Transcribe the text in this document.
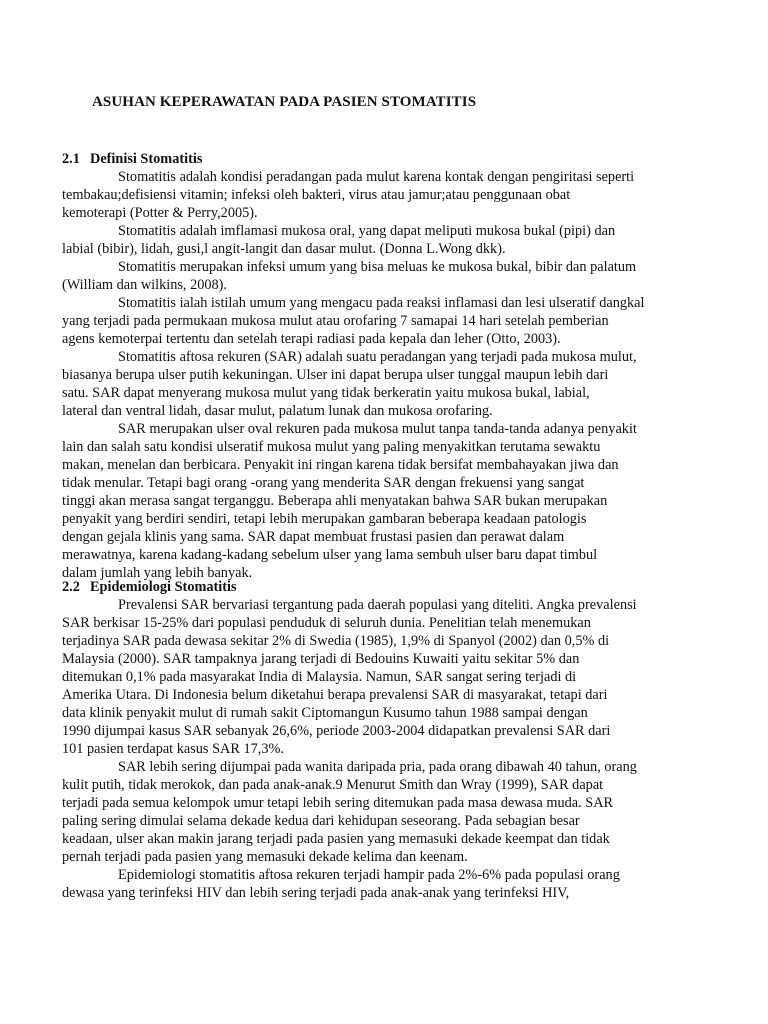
ASUHAN KEPERAWATAN PADA PASIEN STOMATITIS
2.1 Definisi Stomatitis
Stomatitis adalah kondisi peradangan pada mulut karena kontak dengan pengiritasi seperti
tembakau;defisiensi vitamin; infeksi oleh bakteri, virus atau jamur;atau penggunaan obat
kemoterapi (Potter & Perry,2005).
Stomatitis adalah imflamasi mukosa oral, yang dapat meliputi mukosa bukal (pipi) dan
labial (bibir), lidah, gusi,l angit-langit dan dasar mulut. (Donna L.Wong dkk).
Stomatitis merupakan infeksi umum yang bisa meluas ke mukosa bukal, bibir dan palatum
(William dan wilkins, 2008).
Stomatitis ialah istilah umum yang mengacu pada reaksi inflamasi dan lesi ulseratif dangkal
yang terjadi pada permukaan mukosa mulut atau orofaring 7 samapai 14 hari setelah pemberian
agens kemoterpai tertentu dan setelah terapi radiasi pada kepala dan leher (Otto, 2003).
Stomatitis aftosa rekuren (SAR) adalah suatu peradangan yang terjadi pada mukosa mulut,
biasanya berupa ulser putih kekuningan. Ulser ini dapat berupa ulser tunggal maupun lebih dari
satu. SAR dapat menyerang mukosa mulut yang tidak berkeratin yaitu mukosa bukal, labial,
lateral dan ventral lidah, dasar mulut, palatum lunak dan mukosa orofaring.
SAR merupakan ulser oval rekuren pada mukosa mulut tanpa tanda-tanda adanya penyakit
lain dan salah satu kondisi ulseratif mukosa mulut yang paling menyakitkan terutama sewaktu
makan, menelan dan berbicara. Penyakit ini ringan karena tidak bersifat membahayakan jiwa dan
tidak menular. Tetapi bagi orang -orang yang menderita SAR dengan frekuensi yang sangat
tinggi akan merasa sangat terganggu. Beberapa ahli menyatakan bahwa SAR bukan merupakan
penyakit yang berdiri sendiri, tetapi lebih merupakan gambaran beberapa keadaan patologis
dengan gejala klinis yang sama. SAR dapat membuat frustasi pasien dan perawat dalam
merawatnya, karena kadang-kadang sebelum ulser yang lama sembuh ulser baru dapat timbul
dalam jumlah yang lebih banyak.
2.2 Epidemiologi Stomatitis
Prevalensi SAR bervariasi tergantung pada daerah populasi yang diteliti. Angka prevalensi
SAR berkisar 15-25% dari populasi penduduk di seluruh dunia. Penelitian telah menemukan
terjadinya SAR pada dewasa sekitar 2% di Swedia (1985), 1,9% di Spanyol (2002) dan 0,5% di
Malaysia (2000). SAR tampaknya jarang terjadi di Bedouins Kuwaiti yaitu sekitar 5% dan
ditemukan 0,1% pada masyarakat India di Malaysia. Namun, SAR sangat sering terjadi di
Amerika Utara. Di Indonesia belum diketahui berapa prevalensi SAR di masyarakat, tetapi dari
data klinik penyakit mulut di rumah sakit Ciptomangun Kusumo tahun 1988 sampai dengan
1990 dijumpai kasus SAR sebanyak 26,6%, periode 2003-2004 didapatkan prevalensi SAR dari
101 pasien terdapat kasus SAR 17,3%.
SAR lebih sering dijumpai pada wanita daripada pria, pada orang dibawah 40 tahun, orang
kulit putih, tidak merokok, dan pada anak-anak.9 Menurut Smith dan Wray (1999), SAR dapat
terjadi pada semua kelompok umur tetapi lebih sering ditemukan pada masa dewasa muda. SAR
paling sering dimulai selama dekade kedua dari kehidupan seseorang. Pada sebagian besar
keadaan, ulser akan makin jarang terjadi pada pasien yang memasuki dekade keempat dan tidak
pernah terjadi pada pasien yang memasuki dekade kelima dan keenam.
Epidemiologi stomatitis aftosa rekuren terjadi hampir pada 2%-6% pada populasi orang
dewasa yang terinfeksi HIV dan lebih sering terjadi pada anak-anak yang terinfeksi HIV,
